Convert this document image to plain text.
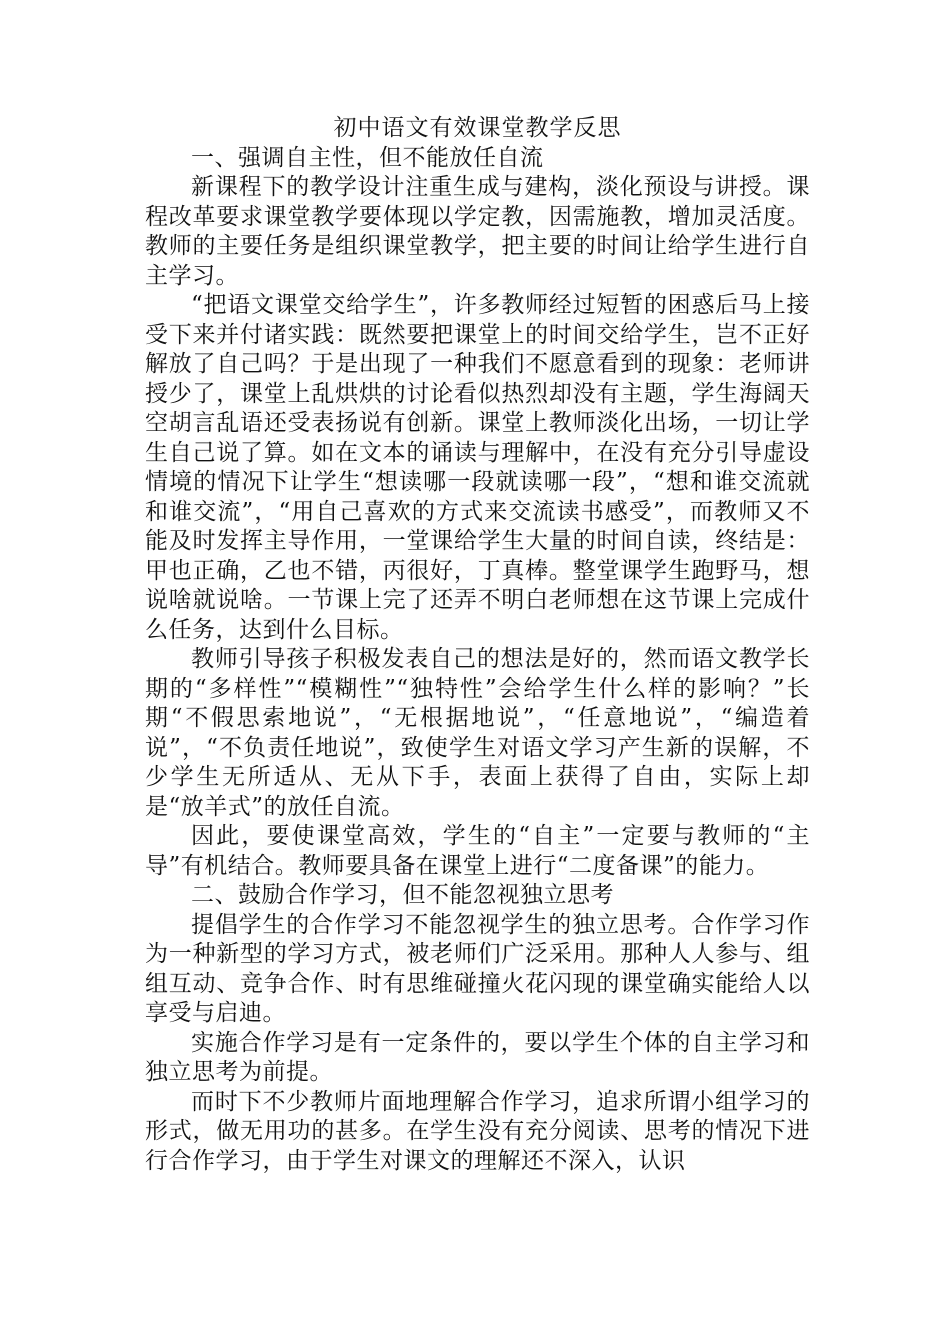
初中语文有效课堂教学反思

一、强调自主性，但不能放任自流

新课程下的教学设计注重生成与建构，淡化预设与讲授。课程改革要求课堂教学要体现以学定教，因需施教，增加灵活度。教师的主要任务是组织课堂教学，把主要的时间让给学生进行自主学习。

“把语文课堂交给学生”，许多教师经过短暂的困惑后马上接受下来并付诸实践：既然要把课堂上的时间交给学生，岂不正好解放了自己吗？于是出现了一种我们不愿意看到的现象：老师讲授少了，课堂上乱烘烘的讨论看似热烈却没有主题，学生海阔天空胡言乱语还受表扬说有创新。课堂上教师淡化出场，一切让学生自己说了算。如在文本的诵读与理解中，在没有充分引导虚设情境的情况下让学生“想读哪一段就读哪一段”，“想和谁交流就和谁交流”，“用自己喜欢的方式来交流读书感受”，而教师又不能及时发挥主导作用，一堂课给学生大量的时间自读，终结是：甲也正确，乙也不错，丙很好，丁真棒。整堂课学生跑野马，想说啥就说啥。一节课上完了还弄不明白老师想在这节课上完成什么任务，达到什么目标。

教师引导孩子积极发表自己的想法是好的，然而语文教学长期的“多样性”“模糊性”“独特性”会给学生什么样的影响？”长期“不假思索地说”，“无根据地说”，“任意地说”，“编造着说”，“不负责任地说”，致使学生对语文学习产生新的误解，不少学生无所适从、无从下手，表面上获得了自由，实际上却是“放羊式”的放任自流。

因此，要使课堂高效，学生的“自主”一定要与教师的“主导”有机结合。教师要具备在课堂上进行“二度备课”的能力。

二、鼓励合作学习，但不能忽视独立思考

提倡学生的合作学习不能忽视学生的独立思考。合作学习作为一种新型的学习方式，被老师们广泛采用。那种人人参与、组组互动、竞争合作、时有思维碰撞火花闪现的课堂确实能给人以享受与启迪。

实施合作学习是有一定条件的，要以学生个体的自主学习和独立思考为前提。

而时下不少教师片面地理解合作学习，追求所谓小组学习的形式，做无用功的甚多。在学生没有充分阅读、思考的情况下进行合作学习，由于学生对课文的理解还不深入，认识
